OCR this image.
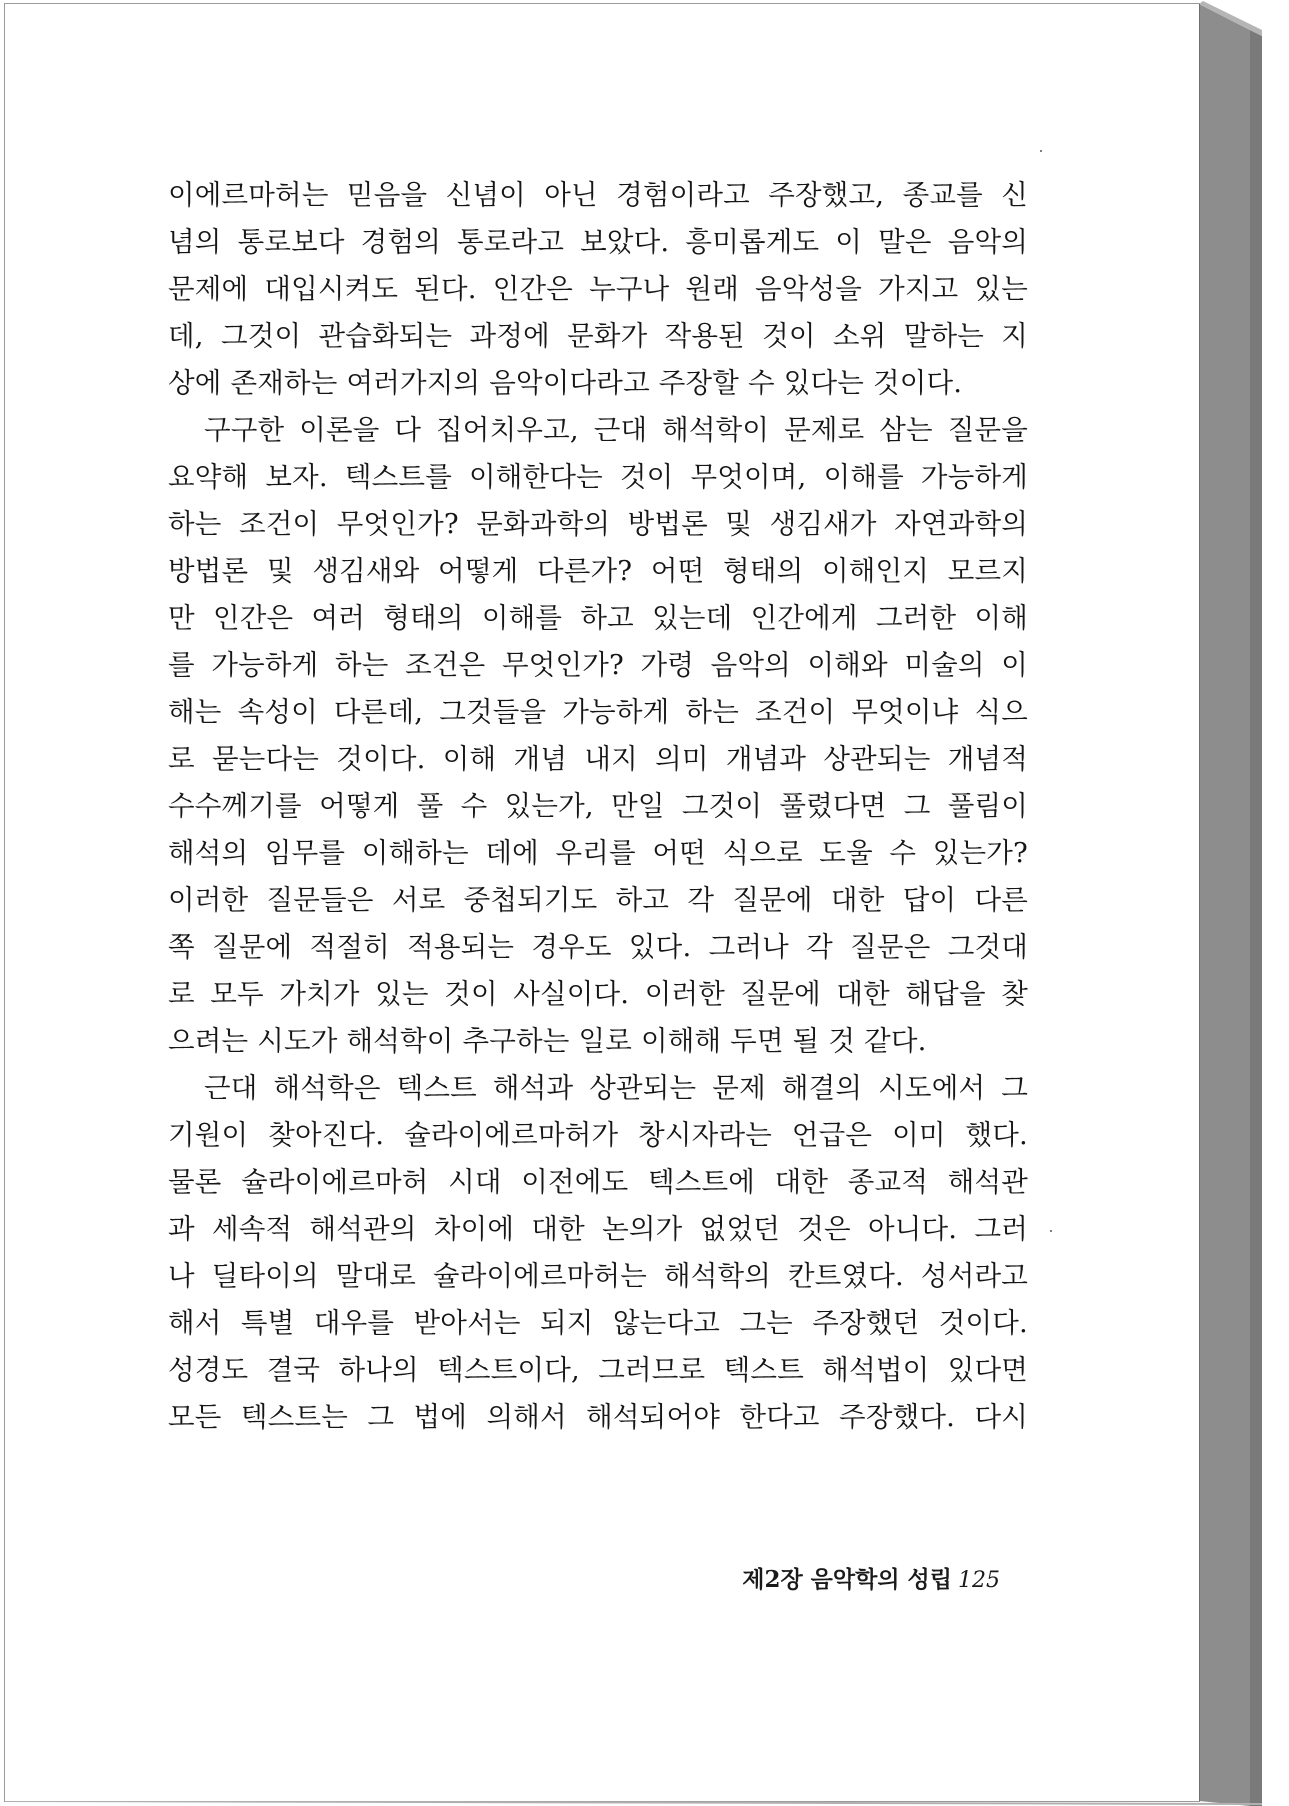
이에르마허는 믿음을 신념이 아닌 경험이라고 주장했고, 종교를 신
념의 통로보다 경험의 통로라고 보았다. 흥미롭게도 이 말은 음악의
문제에 대입시켜도 된다. 인간은 누구나 원래 음악성을 가지고 있는
데, 그것이 관습화되는 과정에 문화가 작용된 것이 소위 말하는 지
상에 존재하는 여러가지의 음악이다라고 주장할 수 있다는 것이다.
구구한 이론을 다 집어치우고, 근대 해석학이 문제로 삼는 질문을
요약해 보자. 텍스트를 이해한다는 것이 무엇이며, 이해를 가능하게
하는 조건이 무엇인가? 문화과학의 방법론 및 생김새가 자연과학의
방법론 및 생김새와 어떻게 다른가? 어떤 형태의 이해인지 모르지
만 인간은 여러 형태의 이해를 하고 있는데 인간에게 그러한 이해
를 가능하게 하는 조건은 무엇인가? 가령 음악의 이해와 미술의 이
해는 속성이 다른데, 그것들을 가능하게 하는 조건이 무엇이냐 식으
로 묻는다는 것이다. 이해 개념 내지 의미 개념과 상관되는 개념적
수수께기를 어떻게 풀 수 있는가, 만일 그것이 풀렸다면 그 풀림이
해석의 임무를 이해하는 데에 우리를 어떤 식으로 도울 수 있는가?
이러한 질문들은 서로 중첩되기도 하고 각 질문에 대한 답이 다른
쪽 질문에 적절히 적용되는 경우도 있다. 그러나 각 질문은 그것대
로 모두 가치가 있는 것이 사실이다. 이러한 질문에 대한 해답을 찾
으려는 시도가 해석학이 추구하는 일로 이해해 두면 될 것 같다.
근대 해석학은 텍스트 해석과 상관되는 문제 해결의 시도에서 그
기원이 찾아진다. 슐라이에르마허가 창시자라는 언급은 이미 했다.
물론 슐라이에르마허 시대 이전에도 텍스트에 대한 종교적 해석관
과 세속적 해석관의 차이에 대한 논의가 없었던 것은 아니다. 그러
나 딜타이의 말대로 슐라이에르마허는 해석학의 칸트였다. 성서라고
해서 특별 대우를 받아서는 되지 않는다고 그는 주장했던 것이다.
성경도 결국 하나의 텍스트이다, 그러므로 텍스트 해석법이 있다면
모든 텍스트는 그 법에 의해서 해석되어야 한다고 주장했다. 다시
제2장 음악학의 성립 125
